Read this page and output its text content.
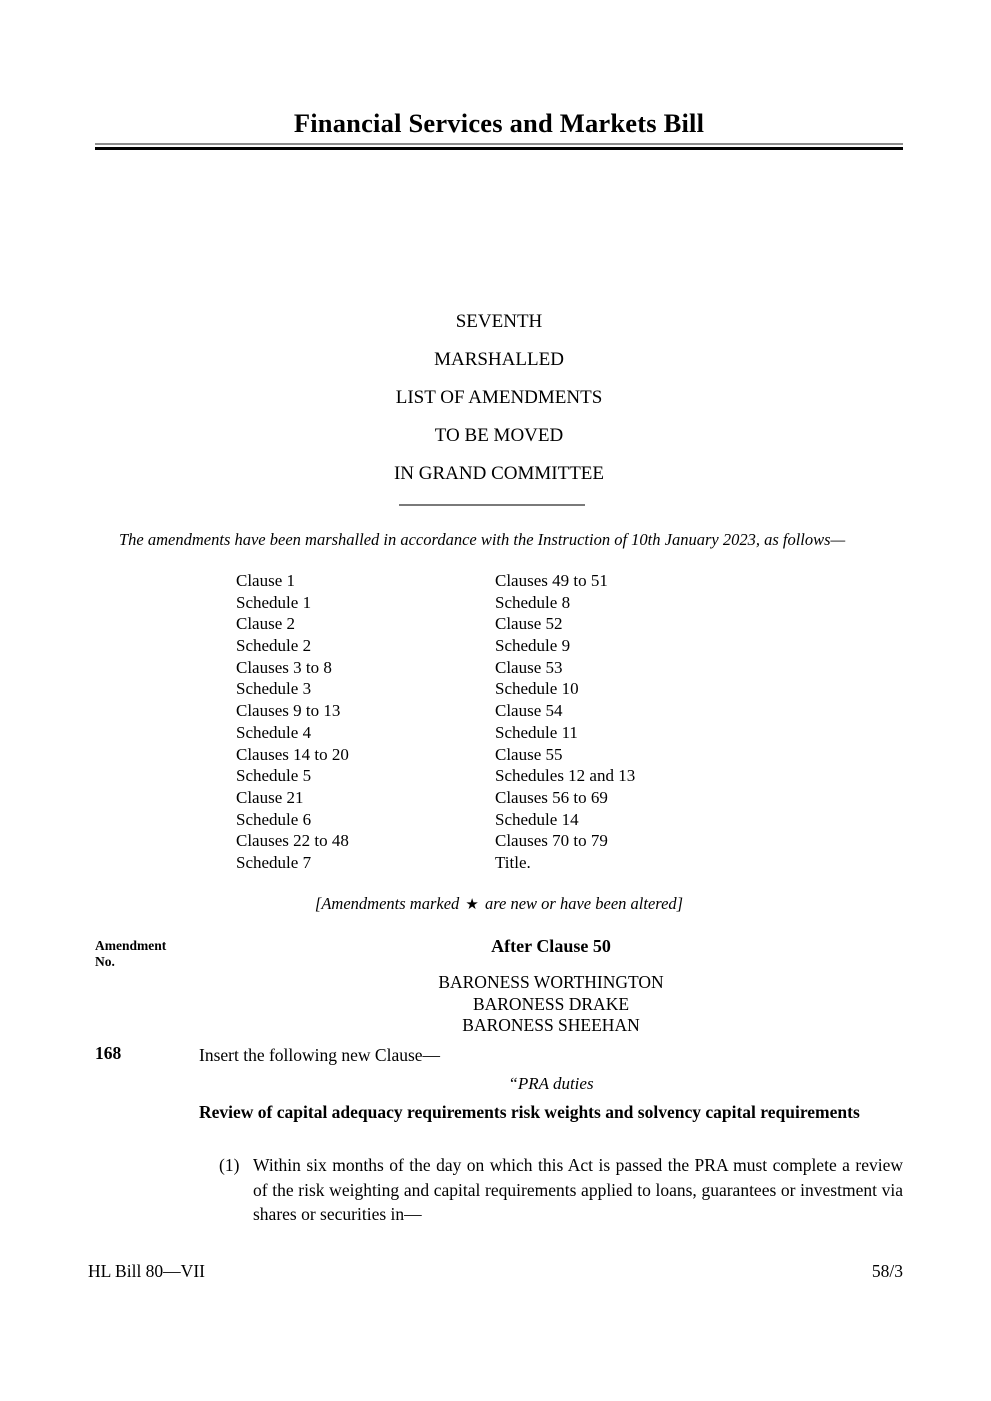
Financial Services and Markets Bill
SEVENTH
MARSHALLED
LIST OF AMENDMENTS
TO BE MOVED
IN GRAND COMMITTEE
The amendments have been marshalled in accordance with the Instruction of 10th January 2023, as follows—
Clause 1
Schedule 1
Clause 2
Schedule 2
Clauses 3 to 8
Schedule 3
Clauses 9 to 13
Schedule 4
Clauses 14 to 20
Schedule 5
Clause 21
Schedule 6
Clauses 22 to 48
Schedule 7
Clauses 49 to 51
Schedule 8
Clause 52
Schedule 9
Clause 53
Schedule 10
Clause 54
Schedule 11
Clause 55
Schedules 12 and 13
Clauses 56 to 69
Schedule 14
Clauses 70 to 79
Title.
[Amendments marked ★ are new or have been altered]
Amendment
No.
After Clause 50
BARONESS WORTHINGTON
BARONESS DRAKE
BARONESS SHEEHAN
168	Insert the following new Clause—
“PRA duties
Review of capital adequacy requirements risk weights and solvency capital requirements
(1) Within six months of the day on which this Act is passed the PRA must complete a review of the risk weighting and capital requirements applied to loans, guarantees or investment via shares or securities in—
HL Bill 80—VII	58/3
